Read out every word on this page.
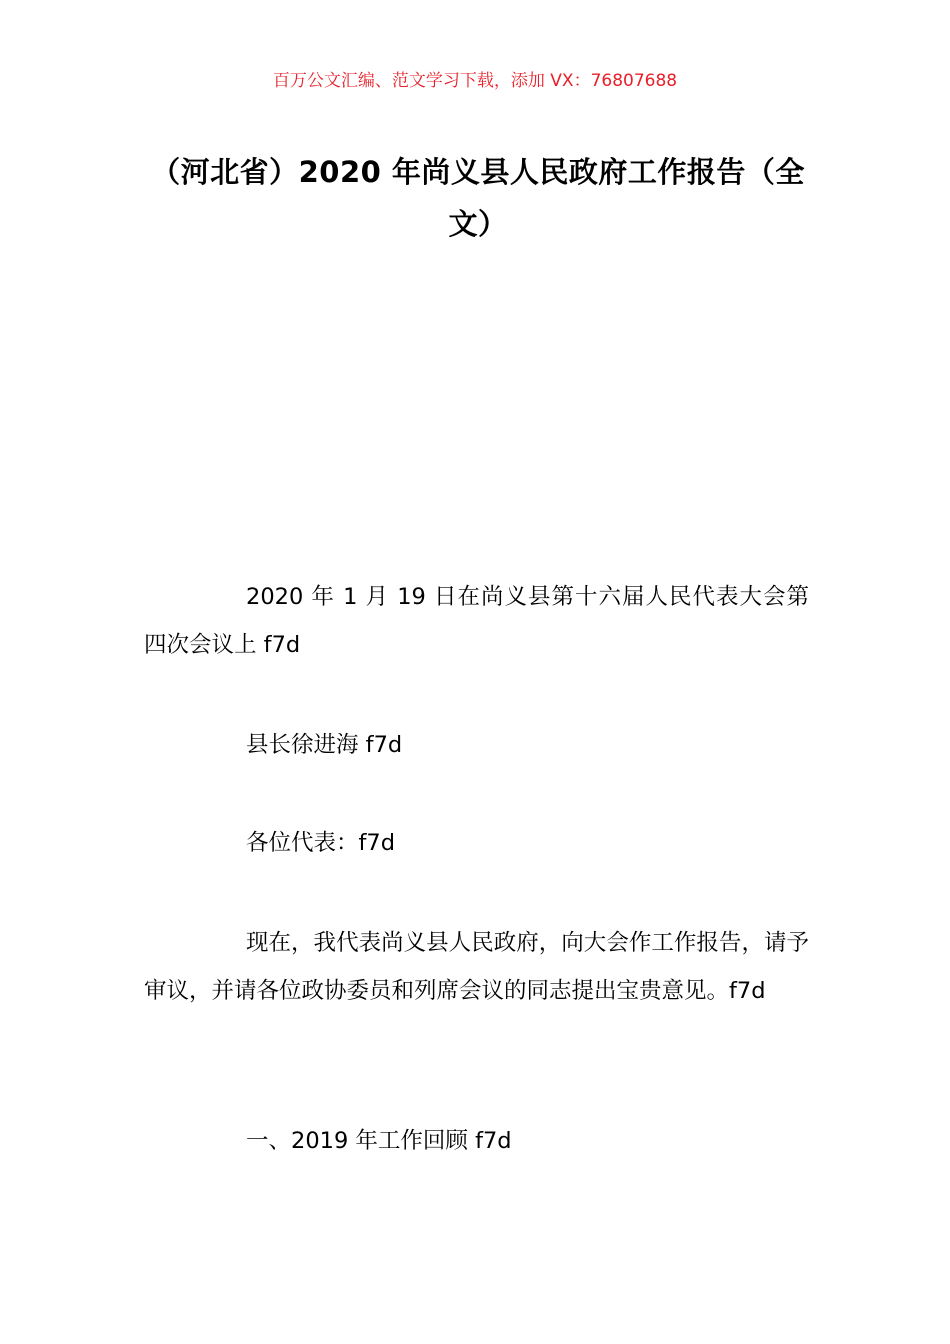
百万公文汇编、范文学习下载，添加 VX：76807688
（河北省）2020 年尚义县人民政府工作报告（全文）

2020 年 1 月 19 日在尚义县第十六届人民代表大会第四次会议上 f7d

县长徐进海 f7d

各位代表：f7d

现在，我代表尚义县人民政府，向大会作工作报告，请予审议，并请各位政协委员和列席会议的同志提出宝贵意见。f7d

一、2019 年工作回顾 f7d
